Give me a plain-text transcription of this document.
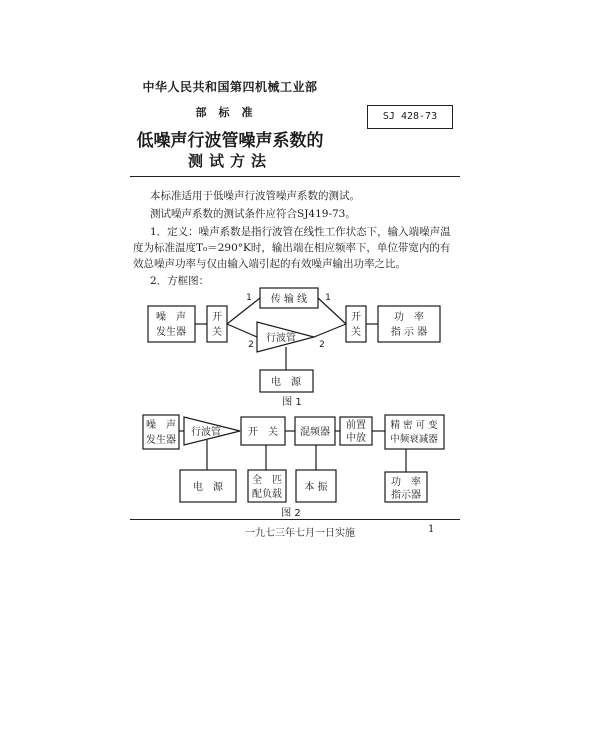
中华人民共和国第四机械工业部
部标准
低噪声行波管噪声系数的
测试方法
SJ 428-73
本标准适用于低噪声行波管噪声系数的测试。
测试噪声系数的测试条件应符合SJ419-73。
1．定义：噪声系数是指行波管在线性工作状态下，输入端噪声温
度为标准温度T₀＝290°K时，输出端在相应频率下，单位带宽内的有
效总噪声功率与仅由输入端引起的有效噪声输出功率之比。
2．方框图：
噪　声
发生器
开
关
传 输 线
行波管
开
关
功　率
指 示 器
电　源
1	1
2	2
图 1
噪　声
发生器
行波管	开　关 混频器
前置
中放
精 密 可 变
中频衰减器
电　源
全　匹
配负载
本 振	功　率
指示器
图 2
一九七三年七月一日实施	1
